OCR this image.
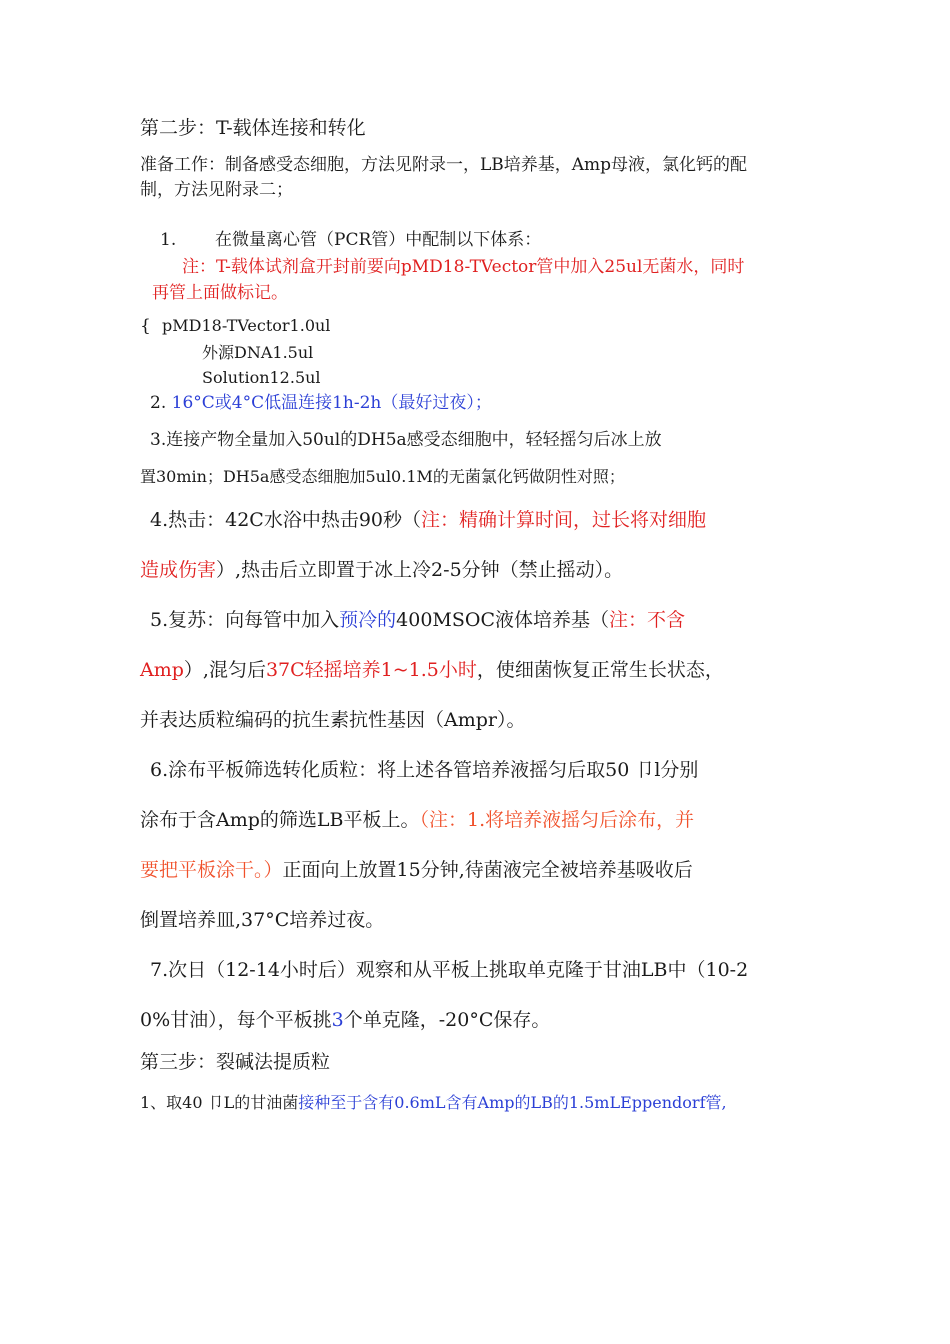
第二步：T-载体连接和转化
准备工作：制备感受态细胞，方法见附录一，LB培养基，Amp母液，氯化钙的配
制，方法见附录二；
1. 在微量离心管（PCR管）中配制以下体系：
注：T-载体试剂盒开封前要向pMD18-TVector管中加入25ul无菌水，同时
再管上面做标记。
{ pMD18-TVector1.0ul
外源DNA1.5ul
Solution12.5ul
2. 16°C或4°C低温连接1h-2h（最好过夜）；
3.连接产物全量加入50ul的DH5a感受态细胞中，轻轻摇匀后冰上放
置30min；DH5a感受态细胞加5ul0.1M的无菌氯化钙做阴性对照；
4.热击：42C水浴中热击90秒（注：精确计算时间，过长将对细胞
造成伤害）,热击后立即置于冰上冷2-5分钟（禁止摇动）。
5.复苏：向每管中加入预冷的400MSOC液体培养基（注：不含
Amp）,混匀后37C轻摇培养1~1.5小时，使细菌恢复正常生长状态，
并表达质粒编码的抗生素抗性基因（Ampr）。
6.涂布平板筛选转化质粒：将上述各管培养液摇匀后取50 卩l分别
涂布于含Amp的筛选LB平板上。（注：1.将培养液摇匀后涂布，并
要把平板涂干。）正面向上放置15分钟,待菌液完全被培养基吸收后
倒置培养皿,37°C培养过夜。
7.次日（12-14小时后）观察和从平板上挑取单克隆于甘油LB中（10-2
0%甘油），每个平板挑3个单克隆，-20°C保存。
第三步：裂碱法提质粒
1、取40 卩L的甘油菌接种至于含有0.6mL含有Amp的LB的1.5mLEppendorf管,
